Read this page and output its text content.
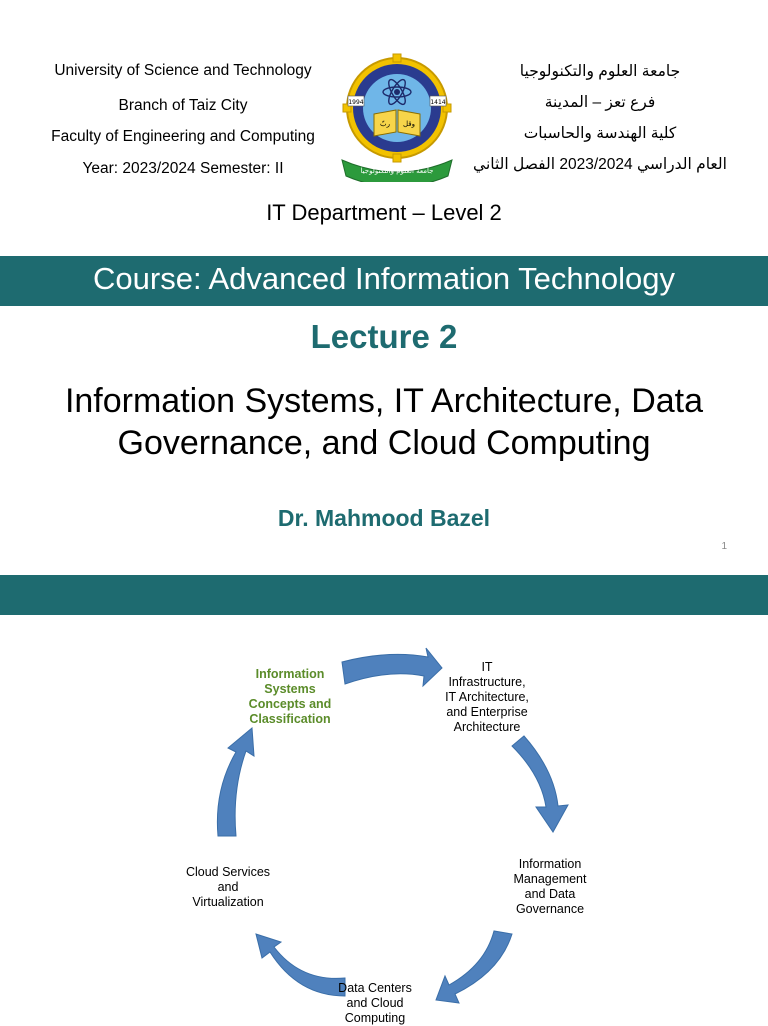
University of Science and Technology
Branch of Taiz City
Faculty of Engineering and Computing
Year: 2023/2024 Semester: II
جامعة العلوم والتكنولوجيا
فرع تعز – المدينة
كلية الهندسة والحاسبات
العام الدراسي 2023/2024 الفصل الثاني
ربّ وقل
1994	1414
جامعة العلوم والتكنولوجيا
IT Department – Level 2
Course: Advanced Information Technology
Lecture 2
Information Systems, IT Architecture, Data
Governance, and Cloud Computing
Dr. Mahmood Bazel
1
Information
Systems
Concepts and
Classification
IT
Infrastructure,
IT Architecture,
and Enterprise
Architecture
Information
Management
and Data
Governance
Data Centers
and Cloud
Computing
Cloud Services
and
Virtualization
